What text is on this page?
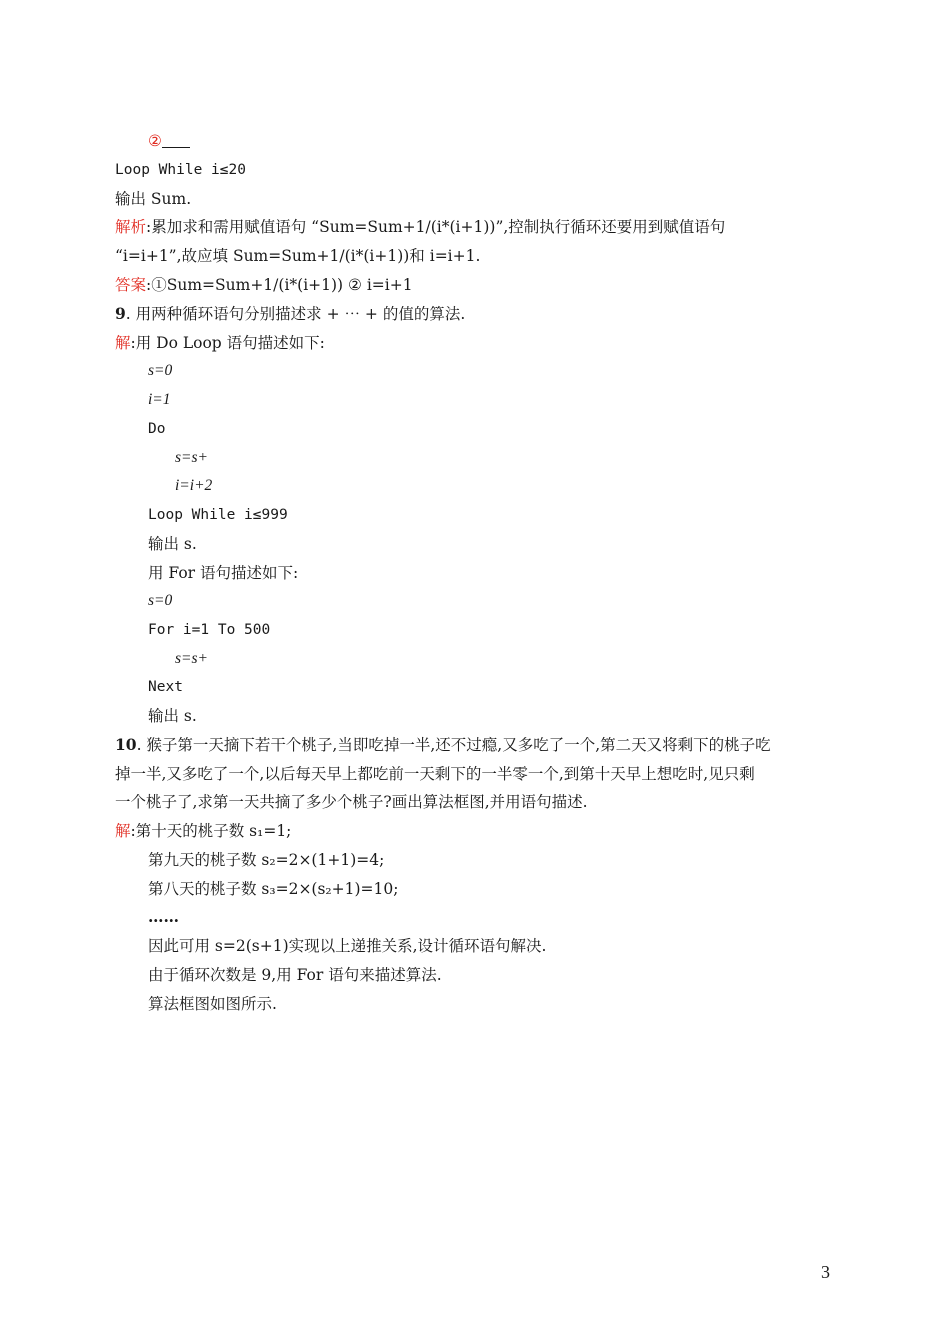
②
Loop While i≤20
输出 Sum.
解析:累加求和需用赋值语句 “Sum=Sum+1/(i*(i+1))”,控制执行循环还要用到赋值语句
“i=i+1”,故应填 Sum=Sum+1/(i*(i+1))和 i=i+1.
答案:①Sum=Sum+1/(i*(i+1)) ② i=i+1
9. 用两种循环语句分别描述求 + ⋯ + 的值的算法.
解:用 Do Loop 语句描述如下:
s=0
i=1
Do
s=s+
i=i+2
Loop While i≤999
输出 s.
用 For 语句描述如下:
s=0
For i=1 To 500
s=s+
Next
输出 s.
10. 猴子第一天摘下若干个桃子,当即吃掉一半,还不过瘾,又多吃了一个,第二天又将剩下的桃子吃
掉一半,又多吃了一个,以后每天早上都吃前一天剩下的一半零一个,到第十天早上想吃时,见只剩
一个桃子了,求第一天共摘了多少个桃子?画出算法框图,并用语句描述.
解:第十天的桃子数 s₁=1;
第九天的桃子数 s₂=2×(1+1)=4;
第八天的桃子数 s₃=2×(s₂+1)=10;
……
因此可用 s=2(s+1)实现以上递推关系,设计循环语句解决.
由于循环次数是 9,用 For 语句来描述算法.
算法框图如图所示.
3
